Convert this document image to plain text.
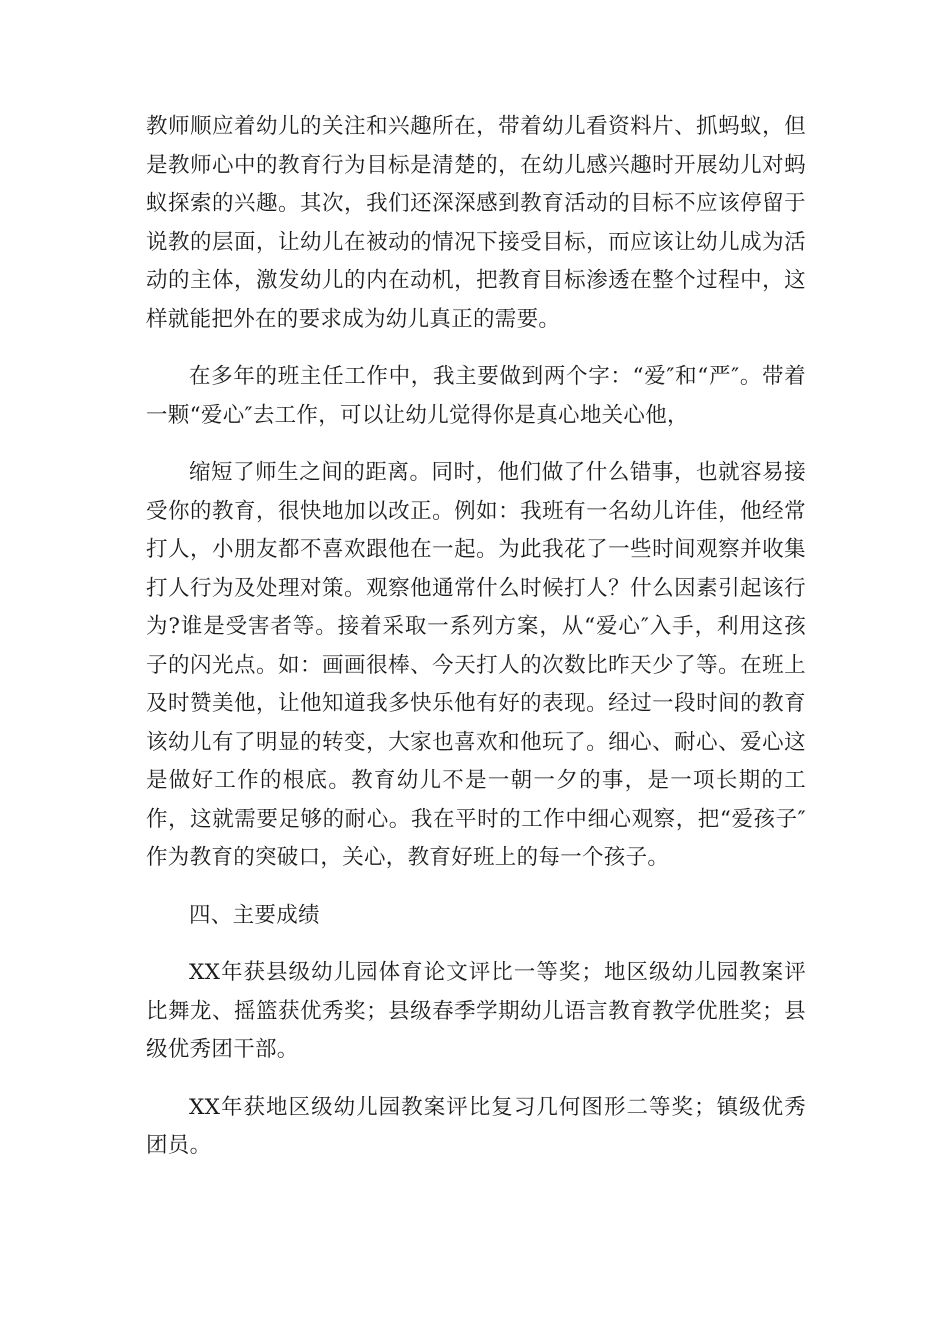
教师顺应着幼儿的关注和兴趣所在，带着幼儿看资料片、抓蚂蚁，但是教师心中的教育行为目标是清楚的，在幼儿感兴趣时开展幼儿对蚂蚁探索的兴趣。其次，我们还深深感到教育活动的目标不应该停留于说教的层面，让幼儿在被动的情况下接受目标，而应该让幼儿成为活动的主体，激发幼儿的内在动机，把教育目标渗透在整个过程中，这样就能把外在的要求成为幼儿真正的需要。

在多年的班主任工作中，我主要做到两个字：“爱″和“严″。带着一颗“爱心″去工作，可以让幼儿觉得你是真心地关心他，

缩短了师生之间的距离。同时，他们做了什么错事，也就容易接受你的教育，很快地加以改正。例如：我班有一名幼儿许佳，他经常打人，小朋友都不喜欢跟他在一起。为此我花了一些时间观察并收集打人行为及处理对策。观察他通常什么时候打人？什么因素引起该行为?谁是受害者等。接着采取一系列方案，从“爱心″入手，利用这孩子的闪光点。如：画画很棒、今天打人的次数比昨天少了等。在班上及时赞美他，让他知道我多快乐他有好的表现。经过一段时间的教育该幼儿有了明显的转变，大家也喜欢和他玩了。细心、耐心、爱心这是做好工作的根底。教育幼儿不是一朝一夕的事，是一项长期的工作，这就需要足够的耐心。我在平时的工作中细心观察，把“爱孩子″作为教育的突破口，关心，教育好班上的每一个孩子。

四、主要成绩

XX年获县级幼儿园体育论文评比一等奖；地区级幼儿园教案评比舞龙、摇篮获优秀奖；县级春季学期幼儿语言教育教学优胜奖；县级优秀团干部。

XX年获地区级幼儿园教案评比复习几何图形二等奖；镇级优秀团员。
